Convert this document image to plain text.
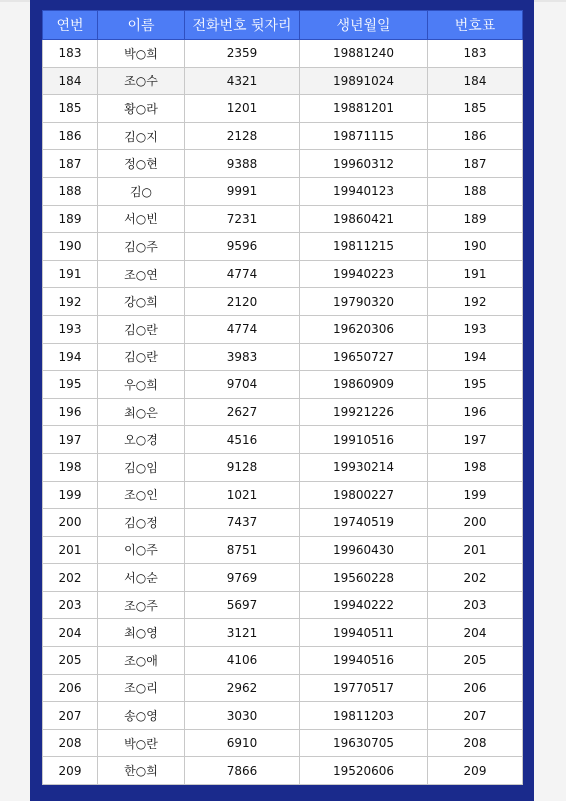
연번	이름	전화번호 뒷자리	생년월일	번호표
183	박○희	2359	19881240	183
184	조○수	4321	19891024	184
185	황○라	1201	19881201	185
186	김○지	2128	19871115	186
187	정○현	9388	19960312	187
188	김○	9991	19940123	188
189	서○빈	7231	19860421	189
190	김○주	9596	19811215	190
191	조○연	4774	19940223	191
192	강○희	2120	19790320	192
193	김○란	4774	19620306	193
194	김○란	3983	19650727	194
195	우○희	9704	19860909	195
196	최○은	2627	19921226	196
197	오○경	4516	19910516	197
198	김○임	9128	19930214	198
199	조○인	1021	19800227	199
200	김○정	7437	19740519	200
201	이○주	8751	19960430	201
202	서○순	9769	19560228	202
203	조○주	5697	19940222	203
204	최○영	3121	19940511	204
205	조○애	4106	19940516	205
206	조○리	2962	19770517	206
207	송○영	3030	19811203	207
208	박○란	6910	19630705	208
209	한○희	7866	19520606	209
